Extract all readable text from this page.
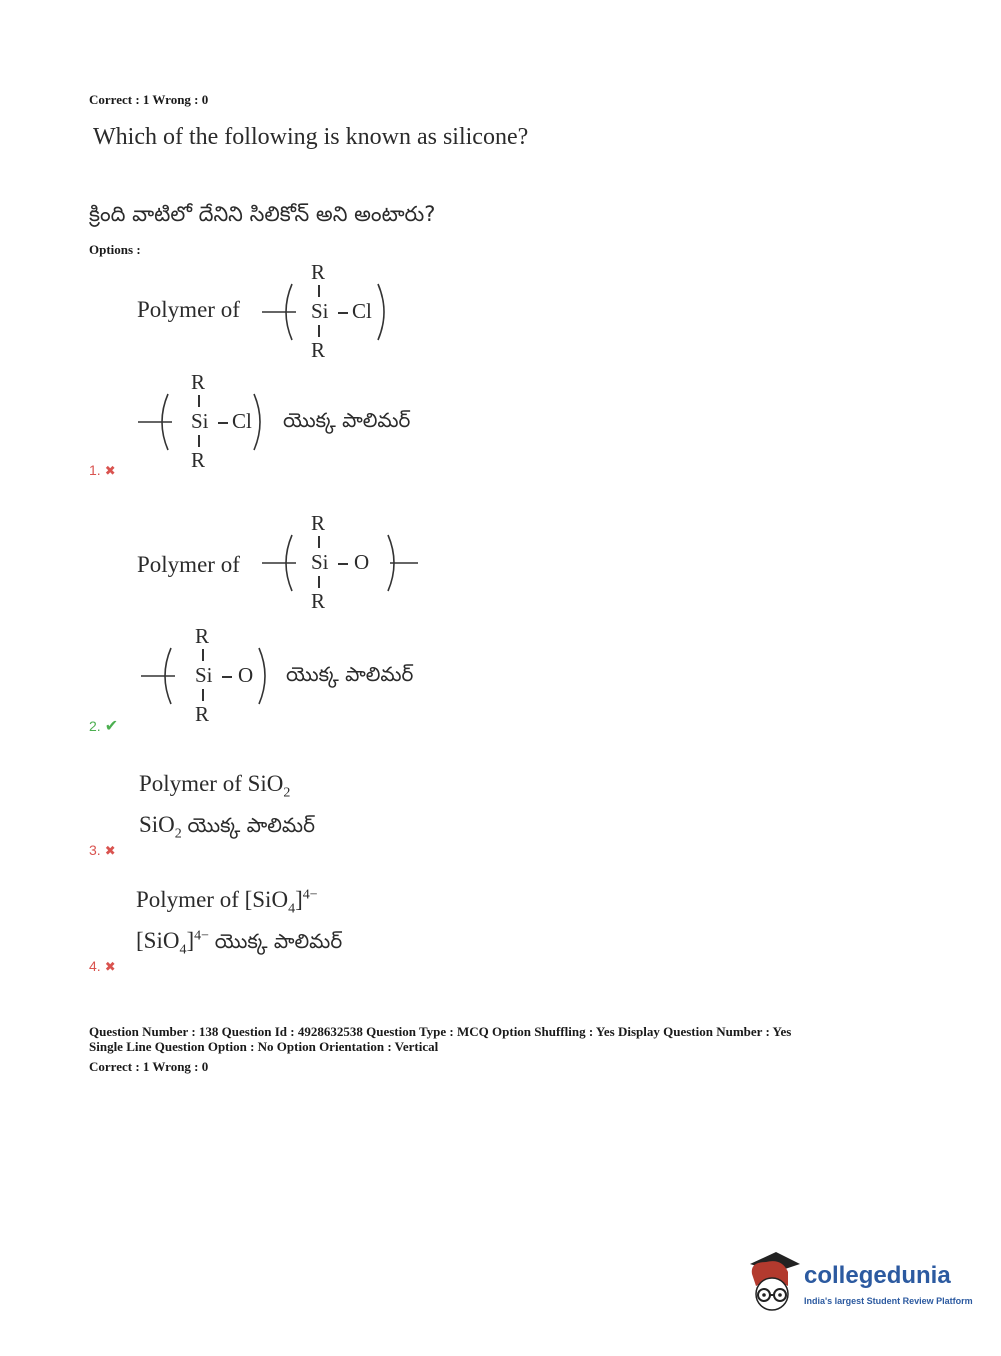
Correct : 1 Wrong : 0
Which of the following is known as silicone?
క్రింది వాటిలో దేనిని సిలికోన్ అని అంటారు?
Options :
Polymer of
R
Si Cl
R
R
Si Cl
R
యొక్క పాలిమర్
1. ✖
Polymer of
R
Si O
R
R
Si O
R
యొక్క పాలిమర్
2. ✔
Polymer of SiO$_2$
SiO$_2$ యొక్క పాలిమర్
3. ✖
Polymer of $[SiO_4]^{4-}$
$[SiO_4]^{4-}$ యొక్క పాలిమర్
4. ✖
Question Number : 138 Question Id : 4928632538 Question Type : MCQ Option Shuffling : Yes Display Question Number : Yes
Single Line Question Option : No Option Orientation : Vertical
Correct : 1 Wrong : 0
collegedunia
India's largest Student Review Platform
